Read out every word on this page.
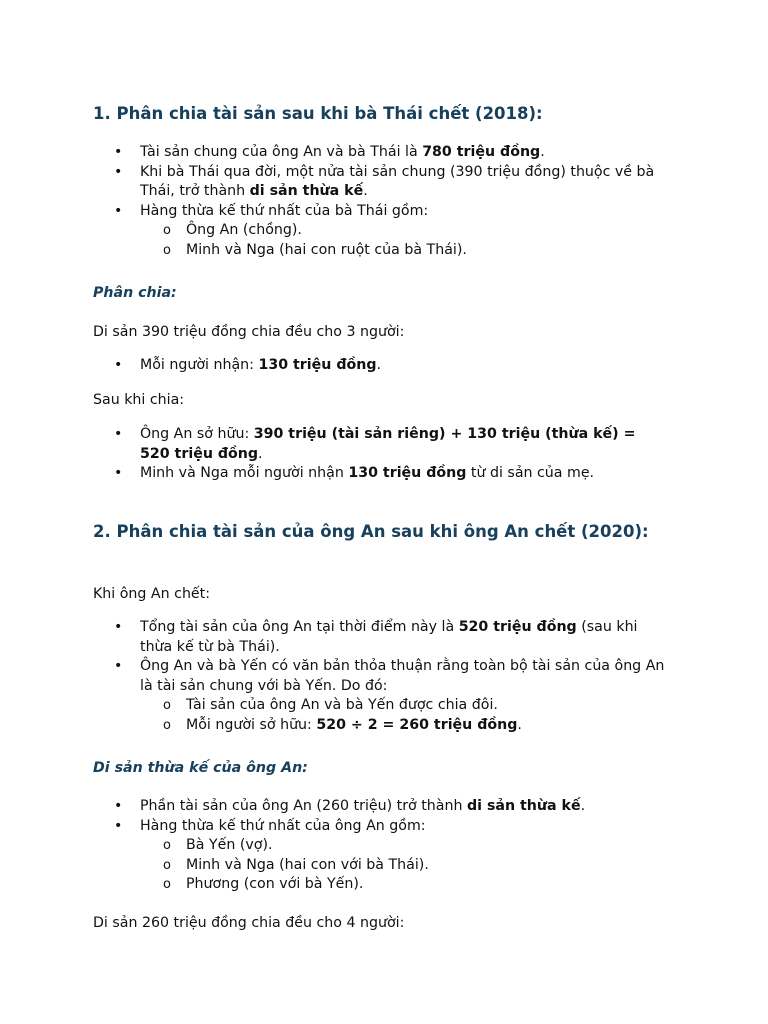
1. Phân chia tài sản sau khi bà Thái chết (2018):
• Tài sản chung của ông An và bà Thái là 780 triệu đồng.
• Khi bà Thái qua đời, một nửa tài sản chung (390 triệu đồng) thuộc về bà Thái, trở thành di sản thừa kế.
• Hàng thừa kế thứ nhất của bà Thái gồm:
o Ông An (chồng).
o Minh và Nga (hai con ruột của bà Thái).
Phân chia:

Di sản 390 triệu đồng chia đều cho 3 người:

• Mỗi người nhận: 130 triệu đồng.

Sau khi chia:

• Ông An sở hữu: 390 triệu (tài sản riêng) + 130 triệu (thừa kế) = 520 triệu đồng.
• Minh và Nga mỗi người nhận 130 triệu đồng từ di sản của mẹ.
2. Phân chia tài sản của ông An sau khi ông An chết (2020):

Khi ông An chết:

• Tổng tài sản của ông An tại thời điểm này là 520 triệu đồng (sau khi thừa kế từ bà Thái).
• Ông An và bà Yến có văn bản thỏa thuận rằng toàn bộ tài sản của ông An là tài sản chung với bà Yến. Do đó:
o Tài sản của ông An và bà Yến được chia đôi.
o Mỗi người sở hữu: 520 ÷ 2 = 260 triệu đồng.
Di sản thừa kế của ông An:
• Phần tài sản của ông An (260 triệu) trở thành di sản thừa kế.
• Hàng thừa kế thứ nhất của ông An gồm:
o Bà Yến (vợ).
o Minh và Nga (hai con với bà Thái).
o Phương (con với bà Yến).

Di sản 260 triệu đồng chia đều cho 4 người:
